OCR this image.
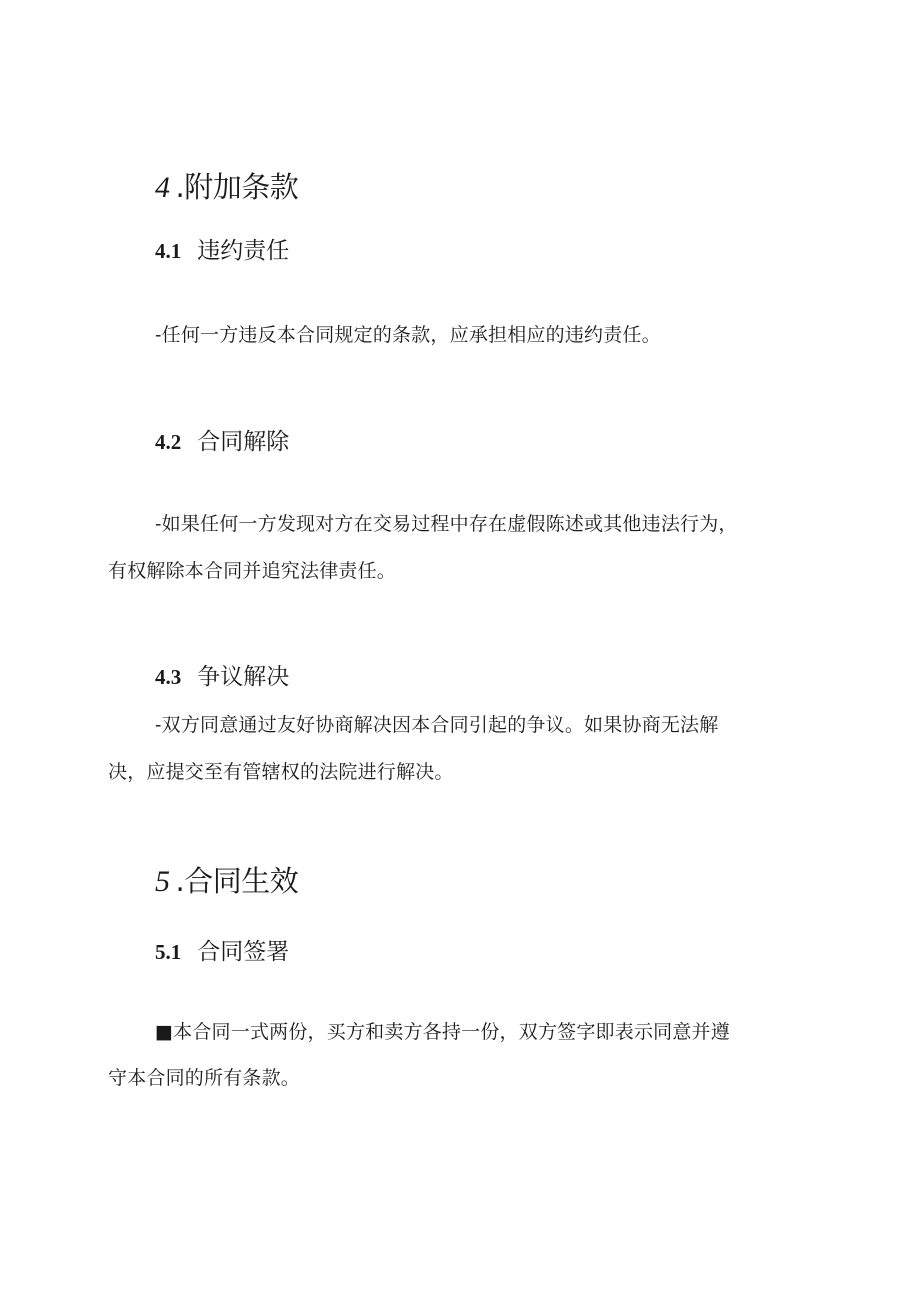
4 .附加条款
4.1 违约责任
-任何一方违反本合同规定的条款，应承担相应的违约责任。
4.2 合同解除
-如果任何一方发现对方在交易过程中存在虚假陈述或其他违法行为，
有权解除本合同并追究法律责任。
4.3 争议解决
-双方同意通过友好协商解决因本合同引起的争议。如果协商无法解
决，应提交至有管辖权的法院进行解决。
5 .合同生效
5.1 合同签署
■本合同一式两份，买方和卖方各持一份，双方签字即表示同意并遵
守本合同的所有条款。
